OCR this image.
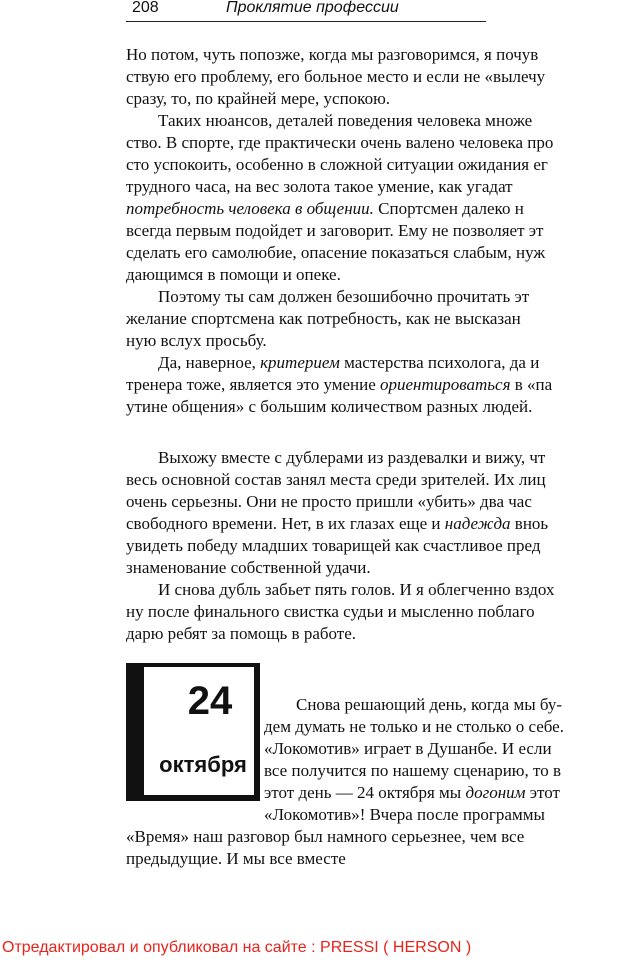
208	Проклятие профессии
Но потом, чуть попозже, когда мы разговоримся, я почув
ствую его проблему, его больное место и если не «вылечу
сразу, то, по крайней мере, успокою.
Таких нюансов, деталей поведения человека множе
ство. В спорте, где практически очень валено человека про
сто успокоить, особенно в сложной ситуации ожидания ег
трудного часа, на вес золота такое умение, как угадат
потребность человека в общении. Спортсмен далеко н
всегда первым подойдет и заговорит. Ему не позволяет эт
сделать его самолюбие, опасение показаться слабым, нуж
дающимся в помощи и опеке.
Поэтому ты сам должен безошибочно прочитать эт
желание спортсмена как потребность, как не высказан
ную вслух просьбу.
Да, наверное, критерием мастерства психолога, да и
тренера тоже, является это умение ориентироваться в «па
утине общения» с большим количеством разных людей.
Выхожу вместе с дублерами из раздевалки и вижу, чт
весь основной состав занял места среди зрителей. Их лиц
очень серьезны. Они не просто пришли «убить» два час
свободного времени. Нет, в их глазах еще и надежда вноь
увидеть победу младших товарищей как счастливое пред
знаменование собственной удачи.
И снова дубль забьет пять голов. И я облегченно вздох
ну после финального свистка судьи и мысленно поблаго
дарю ребят за помощь в работе.
Снова решающий день, когда мы бу-
дем думать не только и не столько о себе.
«Локомотив» играет в Душанбе. И если
все получится по нашему сценарию, то в
этот день — 24 октября мы догоним этот
«Локомотив»! Вчера после программы
«Время» наш разговор был намного серьезнее, чем все
предыдущие. И мы все вместе
24
октября
Отредактировал и опубликовал на сайте : PRESSI ( HERSON )
